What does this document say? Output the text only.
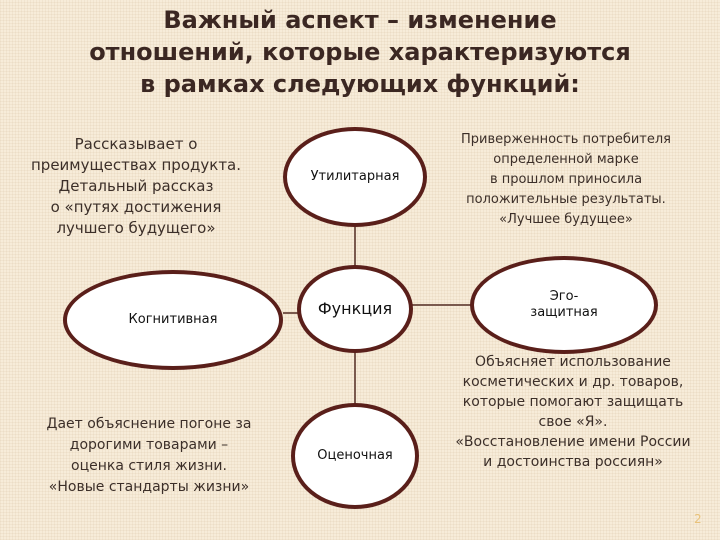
Важный аспект – изменение
отношений, которые характеризуются
в рамках следующих функций:
Утилитарная
Функция
Когнитивная
Эго-
защитная
Оценочная
Рассказывает о
преимуществах продукта.
Детальный рассказ
о «путях достижения
лучшего будущего»
Приверженность потребителя
определенной марке
в прошлом приносила
положительные результаты.
«Лучшее будущее»
Объясняет использование
косметических и др. товаров,
которые помогают защищать
свое «Я».
«Восстановление имени России
и достоинства россиян»
Дает объяснение погоне за
дорогими товарами –
оценка стиля жизни.
«Новые стандарты жизни»
2
